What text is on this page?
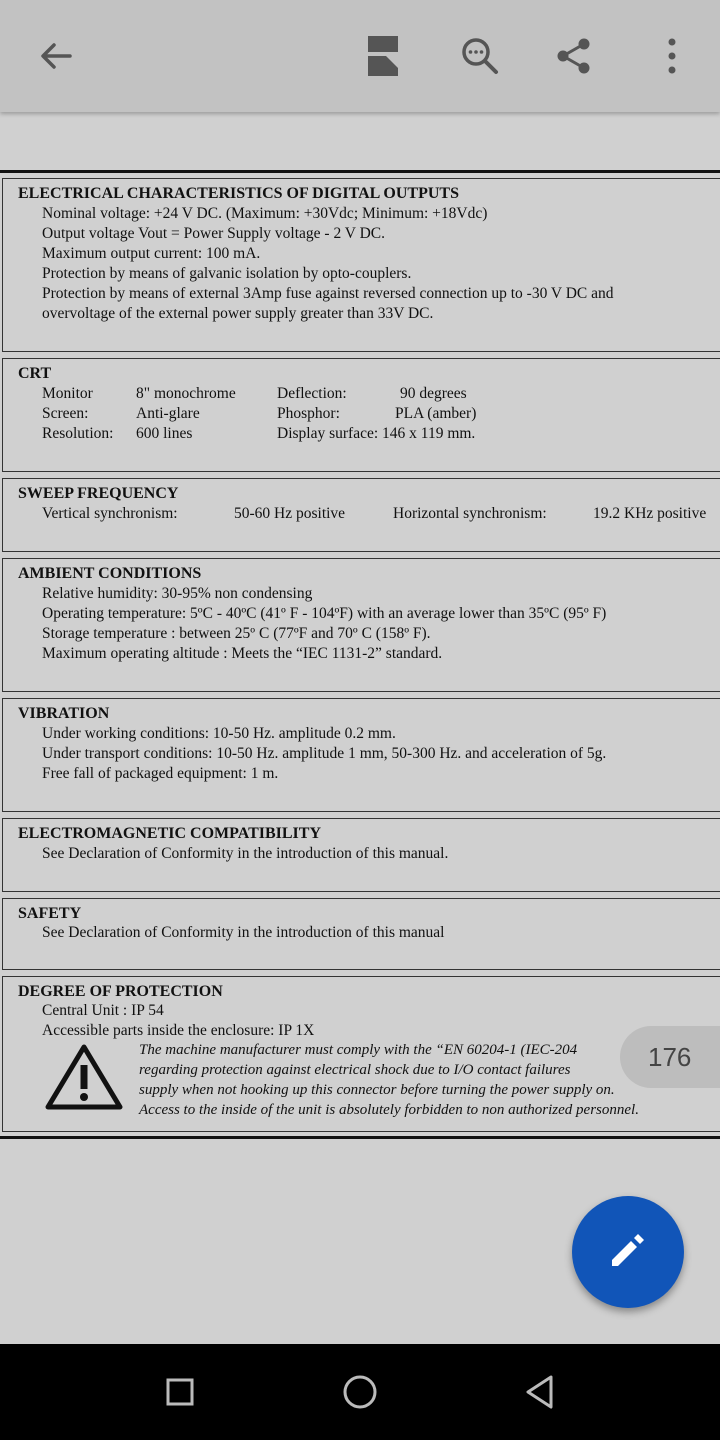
ELECTRICAL CHARACTERISTICS OF DIGITAL OUTPUTS
Nominal voltage: +24 V DC. (Maximum: +30Vdc; Minimum: +18Vdc)
Output voltage Vout = Power Supply voltage - 2 V DC.
Maximum output current: 100 mA.
Protection by means of galvanic isolation by opto-couplers.
Protection by means of external 3Amp fuse against reversed connection up to -30 V DC and
overvoltage of the external power supply greater than 33V DC.
CRT
Monitor	8" monochrome	Deflection:	90 degrees
Screen:	Anti-glare	Phosphor:	PLA (amber)
Resolution: 600 lines	Display surface: 146 x 119 mm.
SWEEP FREQUENCY
Vertical synchronism:	50-60 Hz positive	Horizontal synchronism:	19.2 KHz positive
AMBIENT CONDITIONS
Relative humidity: 30-95% non condensing
Operating temperature: 5ºC - 40ºC (41º F - 104ºF) with an average lower than 35ºC (95º F)
Storage temperature : between 25º C (77ºF and 70º C (158º F).
Maximum operating altitude : Meets the “IEC 1131-2” standard.
VIBRATION
Under working conditions: 10-50 Hz. amplitude 0.2 mm.
Under transport conditions: 10-50 Hz. amplitude 1 mm, 50-300 Hz. and acceleration of 5g.
Free fall of packaged equipment: 1 m.
ELECTROMAGNETIC COMPATIBILITY
See Declaration of Conformity in the introduction of this manual.
SAFETY
See Declaration of Conformity in the introduction of this manual
DEGREE OF PROTECTION
Central Unit : IP 54
Accessible parts inside the enclosure: IP 1X
The machine manufacturer must comply with the “EN 60204-1 (IEC-204
regarding protection against electrical shock due to I/O contact failures
supply when not hooking up this connector before turning the power supply on.
Access to the inside of the unit is absolutely forbidden to non authorized personnel.
176
